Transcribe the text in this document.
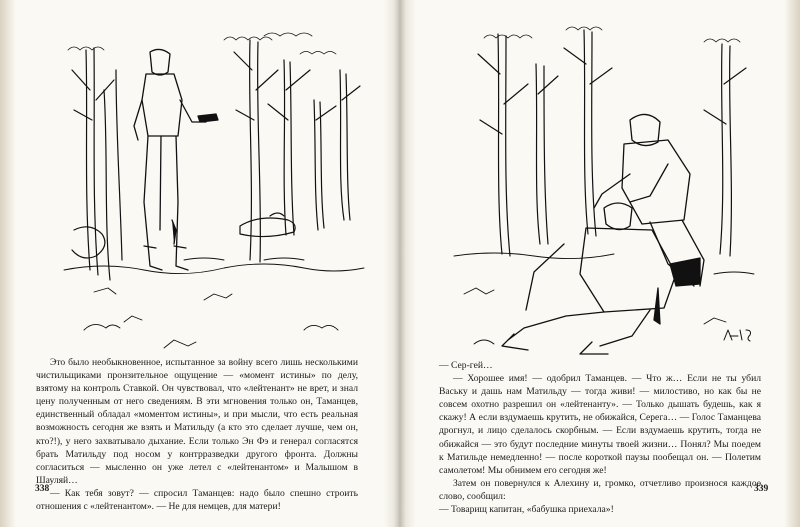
Это было необыкновенное, испытанное за войну всего лишь несколькими чистильщиками пронзительное ощущение — «момент истины» по делу, взятому на контроль Ставкой. Он чувствовал, что «лейтенант» не врет, и знал цену полученным от него сведениям. В эти мгновения только он, Таманцев, единственный обладал «моментом истины», и при мысли, что есть реальная возможность сегодня же взять и Матильду (а кто это сделает лучше, чем он, кто?!), у него захватывало дыхание. Если только Эн Фэ и генерал согласятся брать Матильду под носом у контрразведки другого фронта. Должны согласиться — мысленно он уже летел с «лейтенантом» и Малышом в Шауляй…

— Как тебя зовут? — спросил Таманцев: надо было спешно строить отношения с «лейтенантом». — Не для немцев, для матери!

338

— Сер-гей…

— Хорошее имя! — одобрил Таманцев. — Что ж… Если не ты убил Ваську и дашь нам Матильду — тогда живи! — милостиво, но как бы не совсем охотно разрешил он «лейтенанту». — Только дышать будешь, как я скажу! А если вздумаешь крутить, не обижайся, Серега… — Голос Таманцева дрогнул, и лицо сделалось скорбным. — Если вздумаешь крутить, тогда не обижайся — это будут последние минуты твоей жизни… Понял? Мы поедем к Матильде немедленно! — после короткой паузы пообещал он. — Полетим самолетом! Мы обнимем его сегодня же!

Затем он повернулся к Алехину и, громко, отчетливо произнося каждое слово, сообщил:

— Товарищ капитан, «бабушка приехала»!

339
